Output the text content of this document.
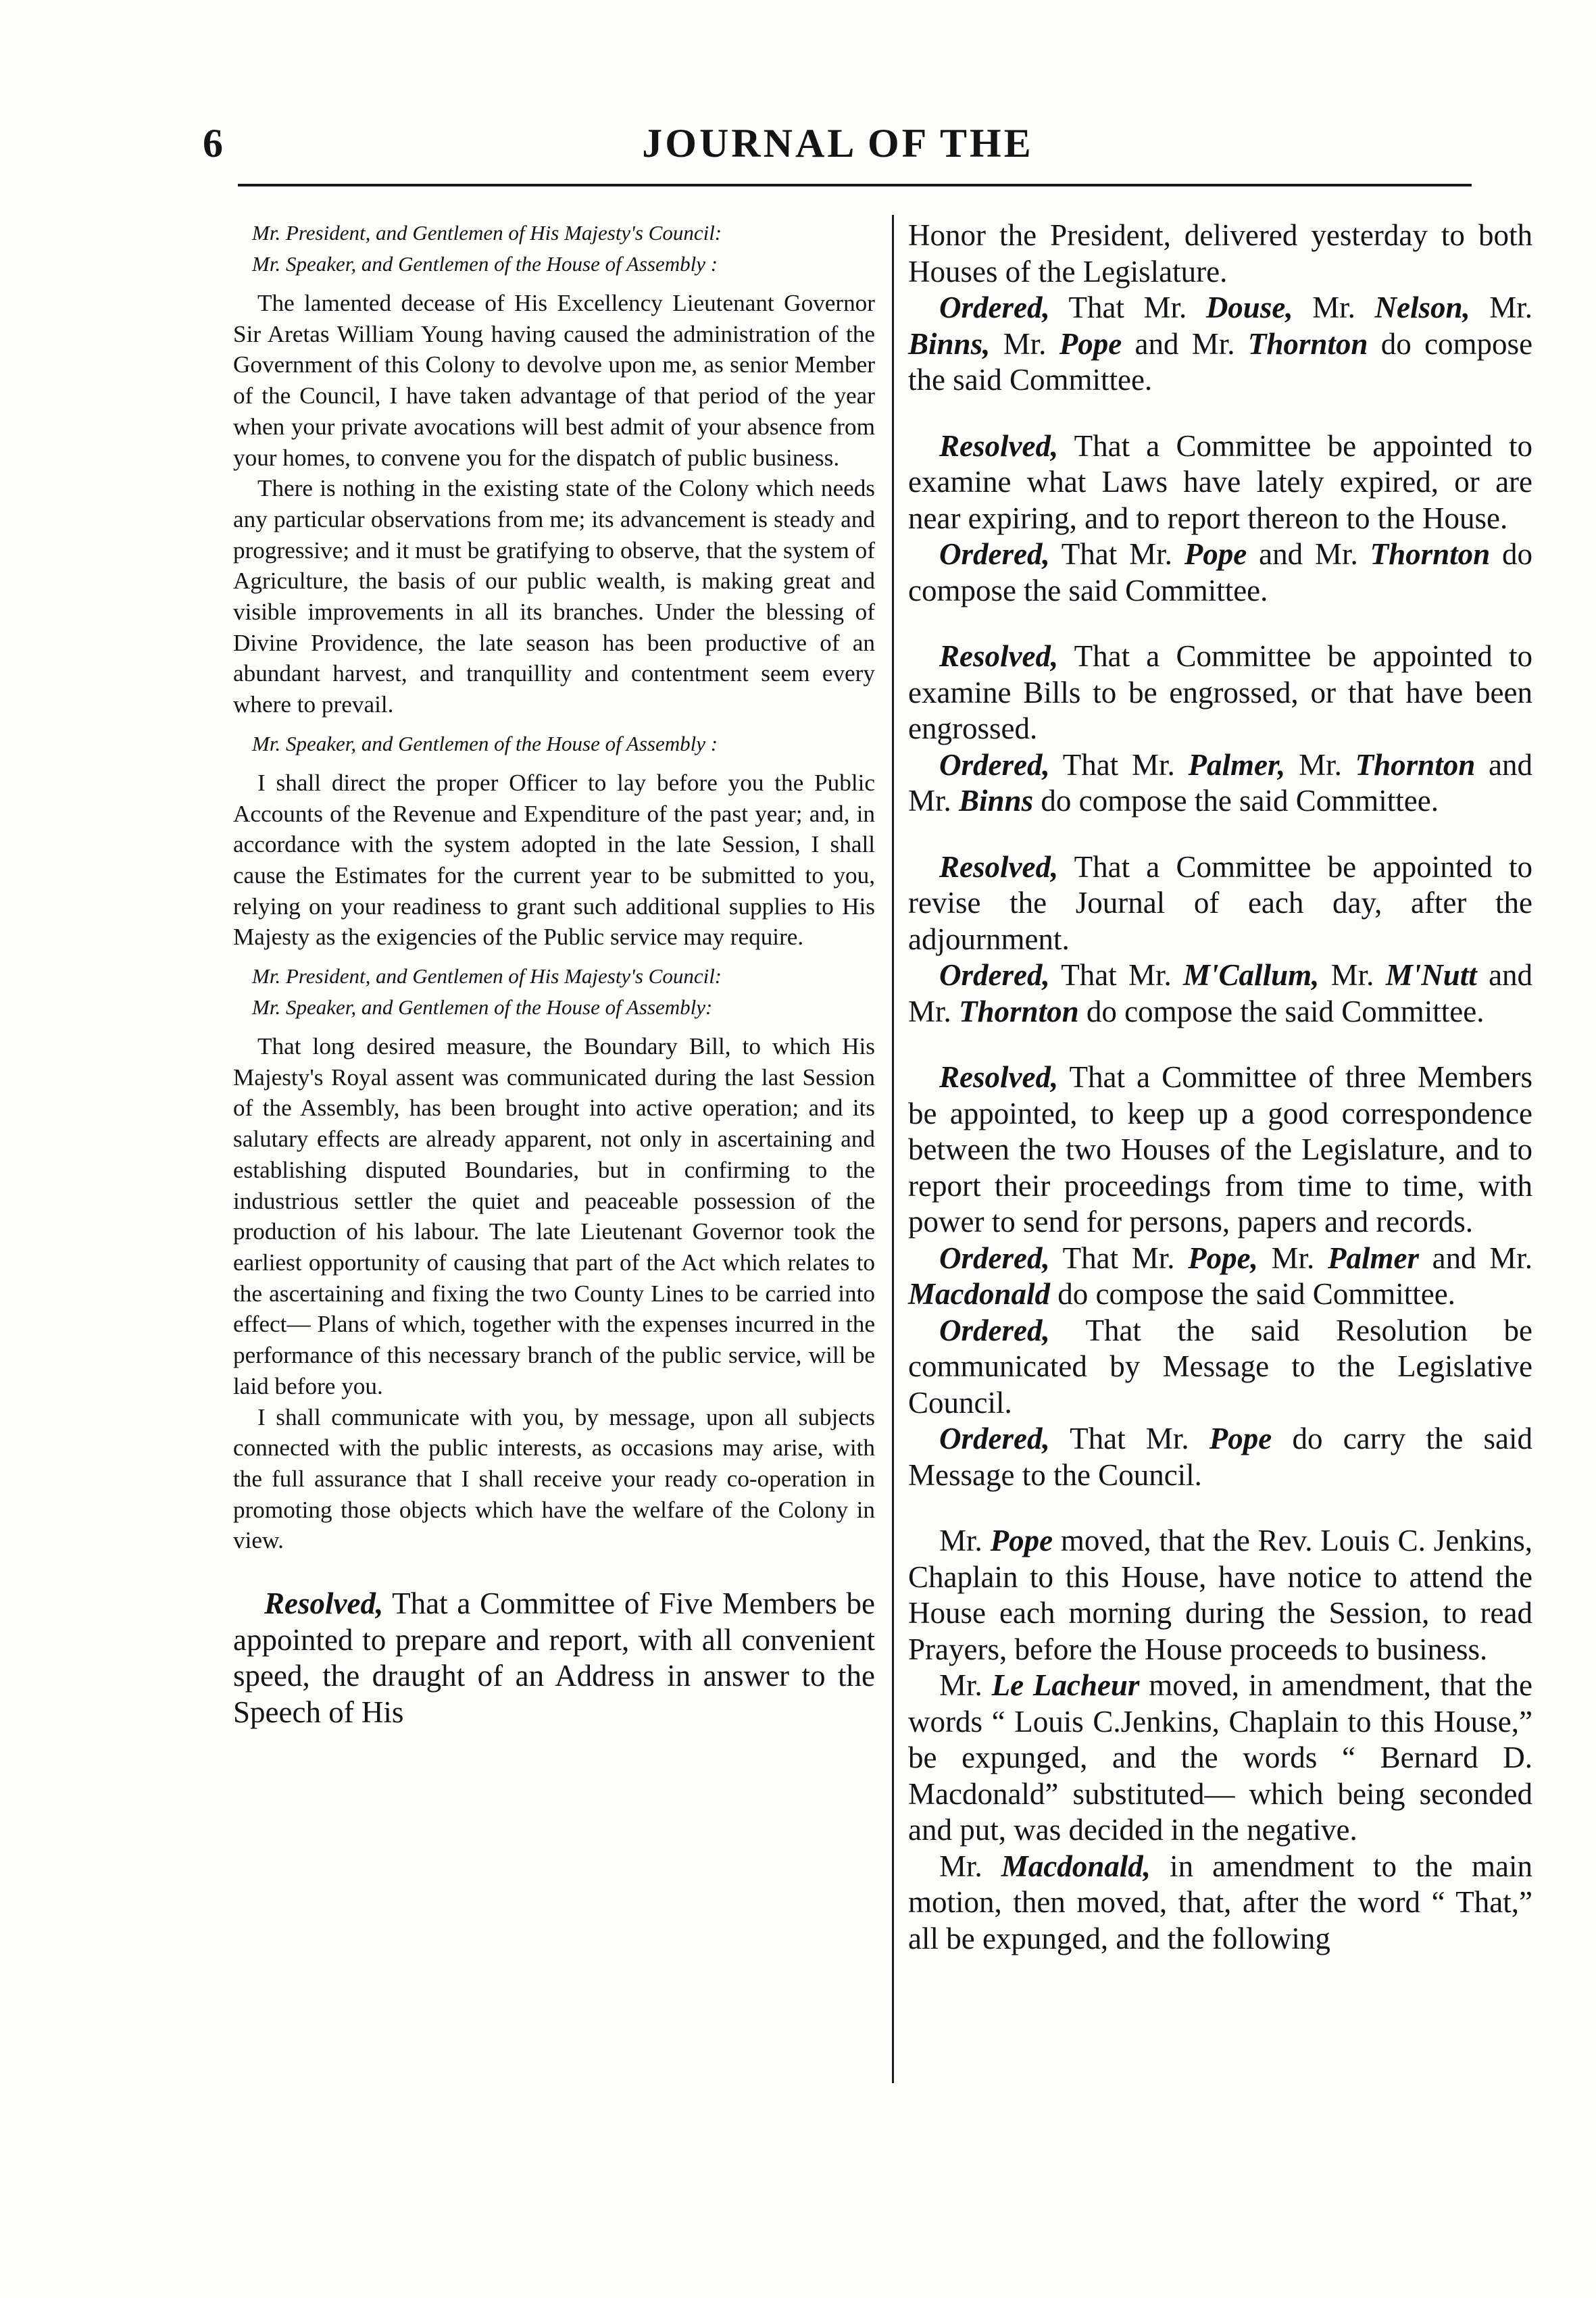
6	JOURNAL OF THE
Mr. President, and Gentlemen of His Majesty's Council:
Mr. Speaker, and Gentlemen of the House of Assembly :

The lamented decease of His Excellency Lieutenant Governor Sir Aretas William Young having caused the administration of the Government of this Colony to devolve upon me, as senior Member of the Council, I have taken advantage of that period of the year when your private avocations will best admit of your absence from your homes, to convene you for the dispatch of public business.

There is nothing in the existing state of the Colony which needs any particular observations from me; its advancement is steady and progressive; and it must be gratifying to observe, that the system of Agriculture, the basis of our public wealth, is making great and visible improvements in all its branches. Under the blessing of Divine Providence, the late season has been productive of an abundant harvest, and tranquillity and contentment seem every where to prevail.

Mr. Speaker, and Gentlemen of the House of Assembly :

I shall direct the proper Officer to lay before you the Public Accounts of the Revenue and Expenditure of the past year; and, in accordance with the system adopted in the late Session, I shall cause the Estimates for the current year to be submitted to you, relying on your readiness to grant such additional supplies to His Majesty as the exigencies of the Public service may require.

Mr. President, and Gentlemen of His Majesty's Council:
Mr. Speaker, and Gentlemen of the House of Assembly:

That long desired measure, the Boundary Bill, to which His Majesty's Royal assent was communicated during the last Session of the Assembly, has been brought into active operation; and its salutary effects are already apparent, not only in ascertaining and establishing disputed Boundaries, but in confirming to the industrious settler the quiet and peaceable possession of the production of his labour. The late Lieutenant Governor took the earliest opportunity of causing that part of the Act which relates to the ascertaining and fixing the two County Lines to be carried into effect— Plans of which, together with the expenses incurred in the performance of this necessary branch of the public service, will be laid before you.

I shall communicate with you, by message, upon all subjects connected with the public interests, as occasions may arise, with the full assurance that I shall receive your ready co-operation in promoting those objects which have the welfare of the Colony in view.

Resolved, That a Committee of Five Members be appointed to prepare and report, with all convenient speed, the draught of an Address in answer to the Speech of His

Honor the President, delivered yesterday to both Houses of the Legislature.

Ordered, That Mr. Douse, Mr. Nelson, Mr. Binns, Mr. Pope and Mr. Thornton do compose the said Committee.

Resolved, That a Committee be appointed to examine what Laws have lately expired, or are near expiring, and to report thereon to the House.

Ordered, That Mr. Pope and Mr. Thornton do compose the said Committee.

Resolved, That a Committee be appointed to examine Bills to be engrossed, or that have been engrossed.

Ordered, That Mr. Palmer, Mr. Thornton and Mr. Binns do compose the said Committee.

Resolved, That a Committee be appointed to revise the Journal of each day, after the adjournment.

Ordered, That Mr. M'Callum, Mr. M'Nutt and Mr. Thornton do compose the said Committee.

Resolved, That a Committee of three Members be appointed, to keep up a good correspondence between the two Houses of the Legislature, and to report their proceedings from time to time, with power to send for persons, papers and records.

Ordered, That Mr. Pope, Mr. Palmer and Mr. Macdonald do compose the said Committee.

Ordered, That the said Resolution be communicated by Message to the Legislative Council.

Ordered, That Mr. Pope do carry the said Message to the Council.

Mr. Pope moved, that the Rev. Louis C. Jenkins, Chaplain to this House, have notice to attend the House each morning during the Session, to read Prayers, before the House proceeds to business.

Mr. Le Lacheur moved, in amendment, that the words “ Louis C.Jenkins, Chaplain to this House,” be expunged, and the words “ Bernard D. Macdonald” substituted— which being seconded and put, was decided in the negative.

Mr. Macdonald, in amendment to the main motion, then moved, that, after the word “ That,” all be expunged, and the following
